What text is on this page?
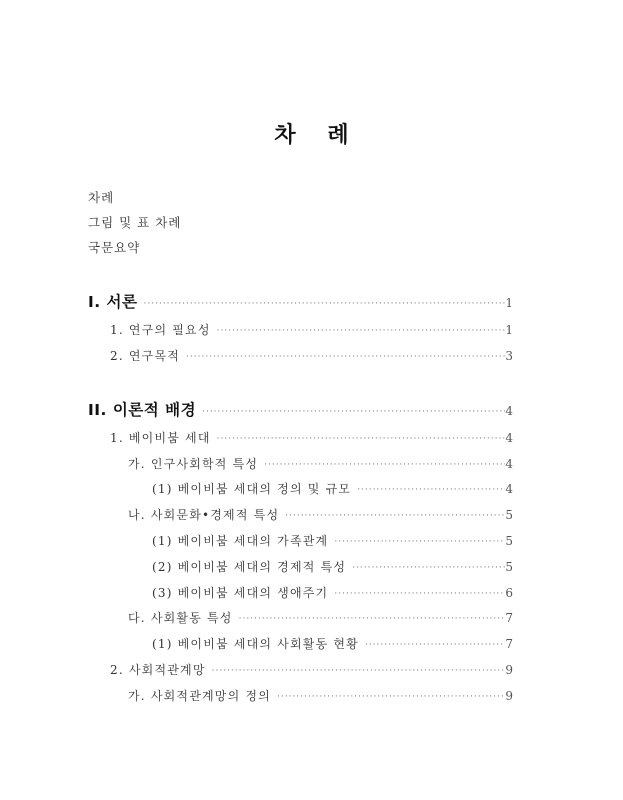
차 례
차례
그림 및 표 차례
국문요약
I. 서론 ·····	1
1. 연구의 필요성 ·····	1
2. 연구목적 ·····	3
II. 이론적 배경 ·····	4
1. 베이비붐 세대 ·····	4
가. 인구사회학적 특성 ·····	4
(1) 베이비붐 세대의 정의 및 규모 ·····	4
나. 사회문화•경제적 특성 ·····	5
(1) 베이비붐 세대의 가족관계 ·····	5
(2) 베이비붐 세대의 경제적 특성 ·····	5
(3) 베이비붐 세대의 생애주기 ·····	6
다. 사회활동 특성 ·····	7
(1) 베이비붐 세대의 사회활동 현황 ·····	7
2. 사회적관계망 ·····	9
가. 사회적관계망의 정의 ·····	9
